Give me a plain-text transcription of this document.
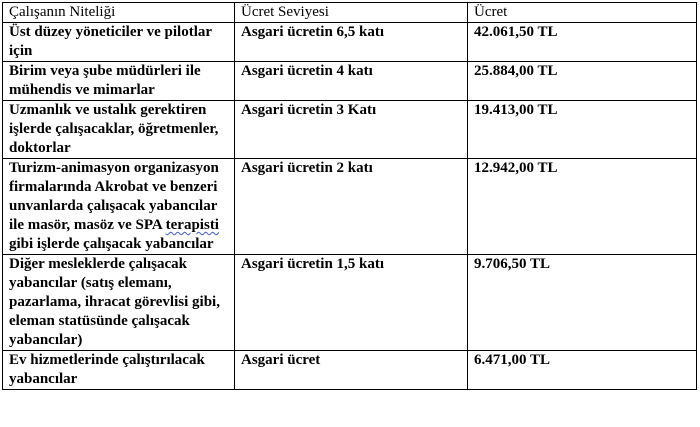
Çalışanın Niteliği	Ücret Seviyesi	Ücret
Üst düzey yöneticiler ve pilotlar için	Asgari ücretin 6,5 katı	42.061,50 TL
Birim veya şube müdürleri ile mühendis ve mimarlar	Asgari ücretin 4 katı	25.884,00 TL
Uzmanlık ve ustalık gerektiren işlerde çalışacaklar, öğretmenler, doktorlar	Asgari ücretin 3 Katı	19.413,00 TL
Turizm-animasyon organizasyon firmalarında Akrobat ve benzeri unvanlarda çalışacak yabancılar ile masör, masöz ve SPA terapisti gibi işlerde çalışacak yabancılar	Asgari ücretin 2 katı	12.942,00 TL
Diğer mesleklerde çalışacak yabancılar (satış elemanı, pazarlama, ihracat görevlisi gibi, eleman statüsünde çalışacak yabancılar)	Asgari ücretin 1,5 katı	9.706,50 TL
Ev hizmetlerinde çalıştırılacak yabancılar	Asgari ücret	6.471,00 TL
